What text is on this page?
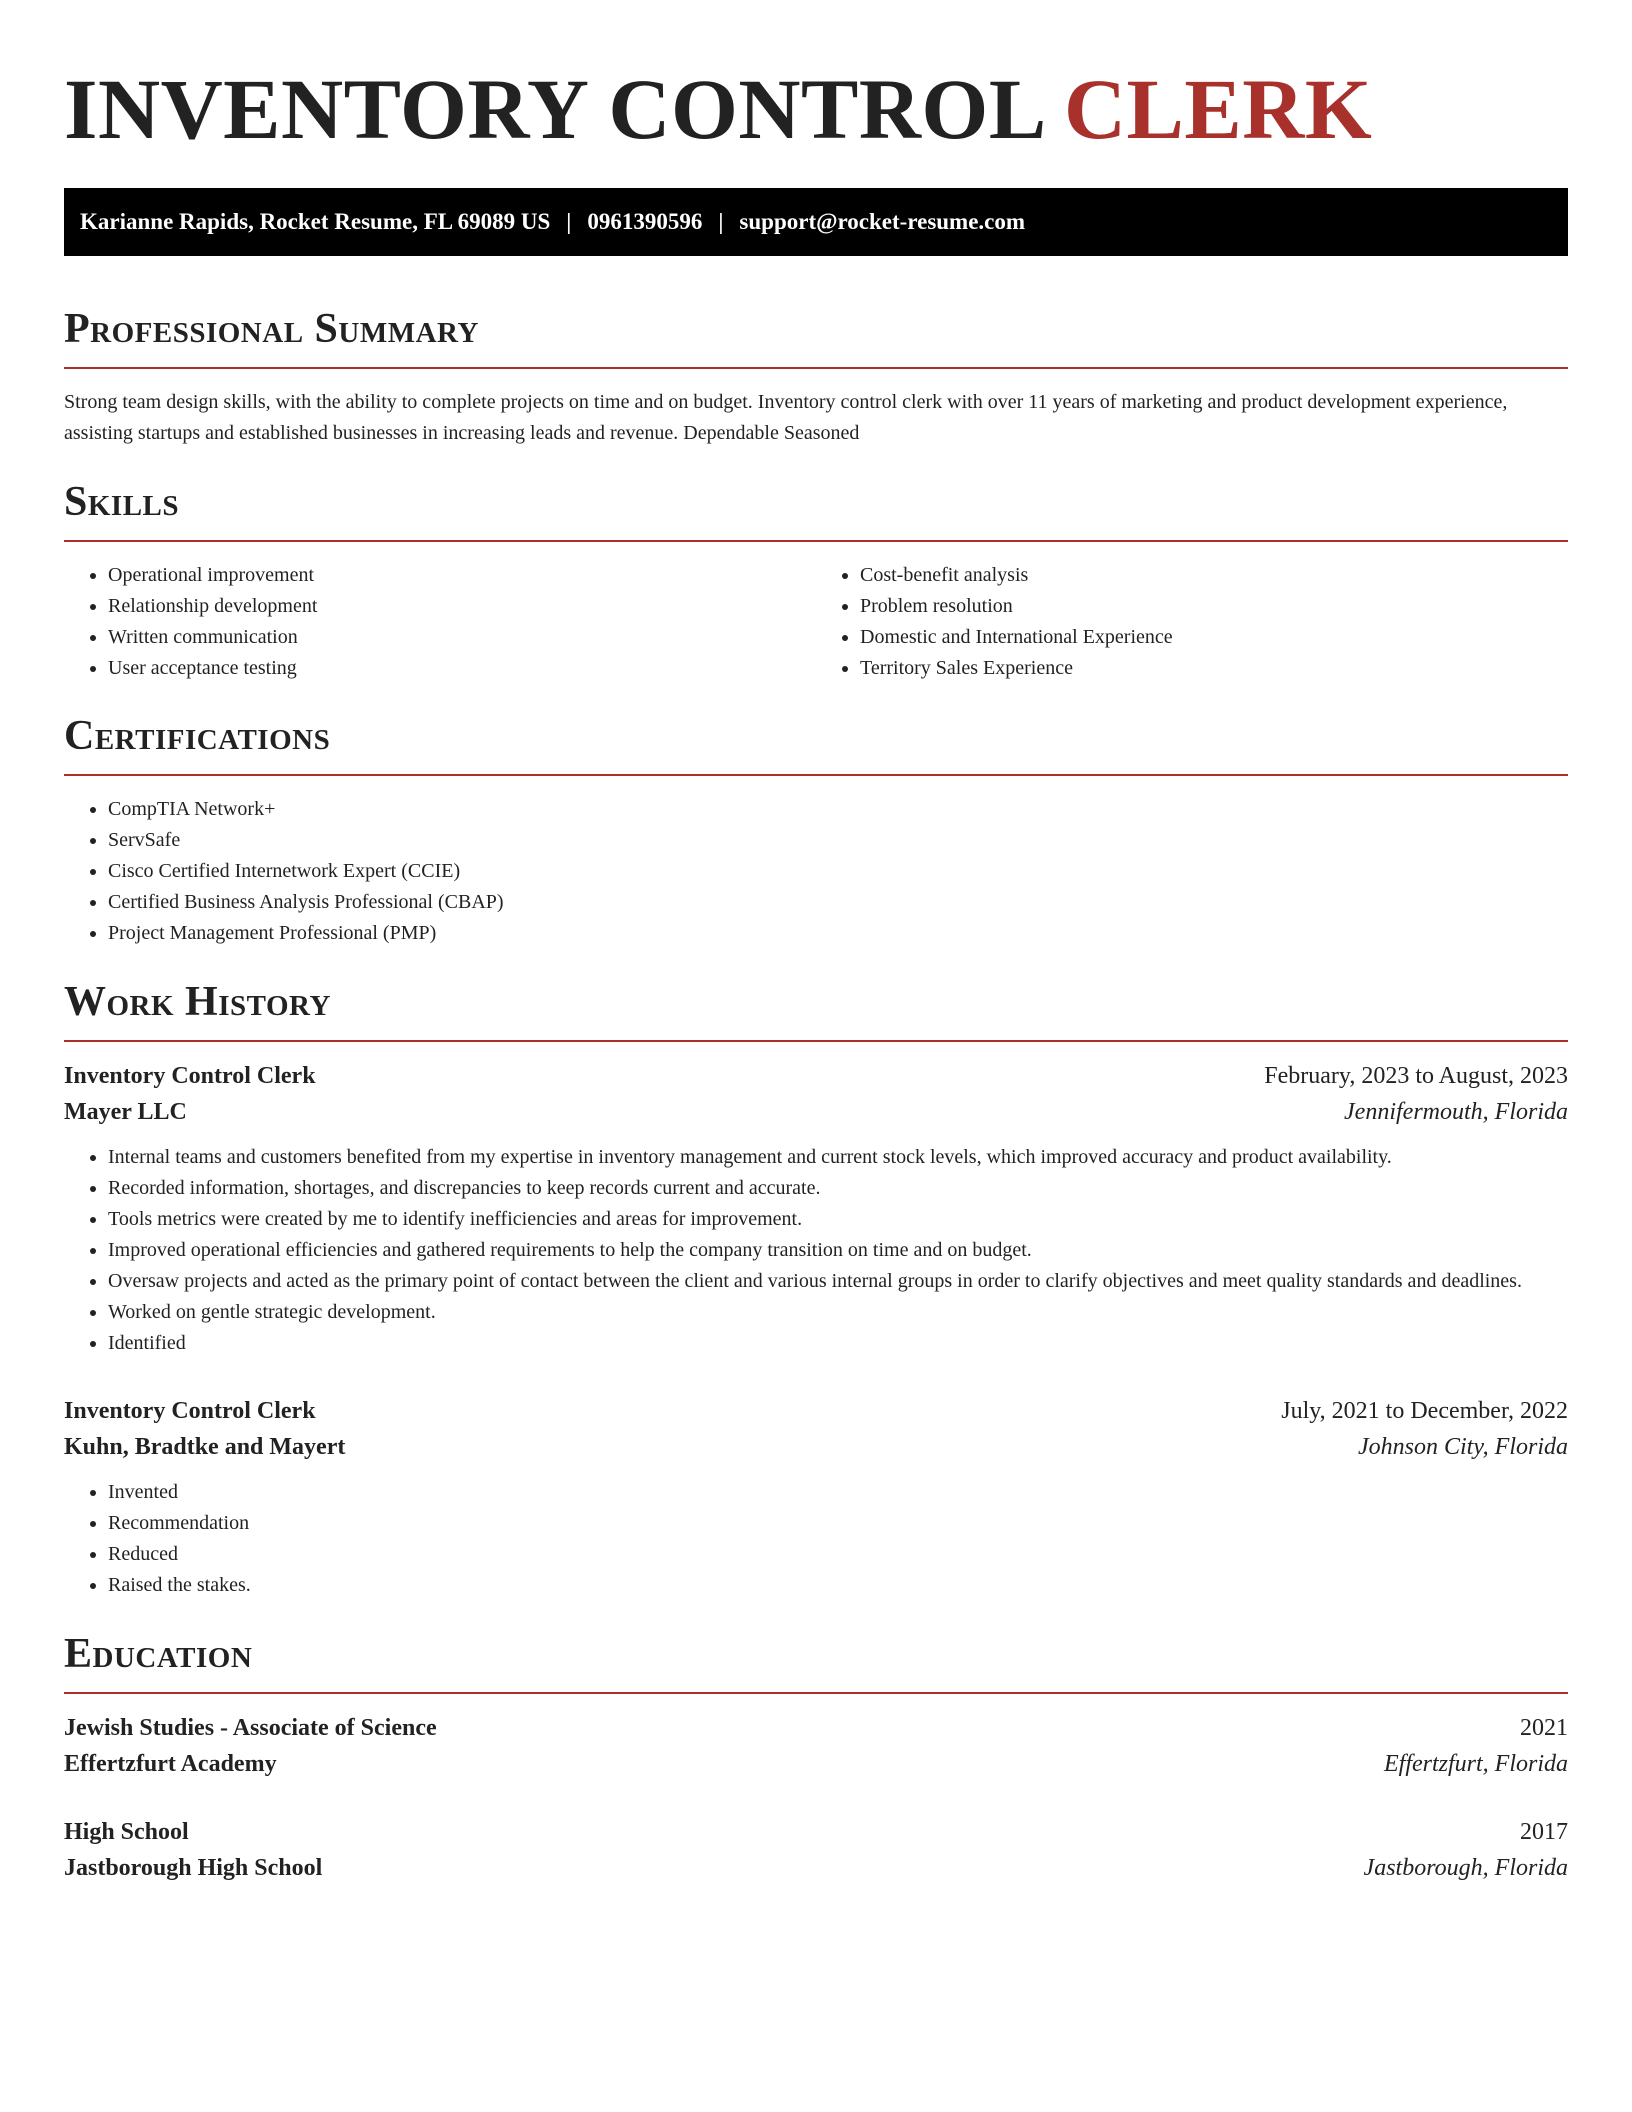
INVENTORY CONTROL CLERK
Karianne Rapids, Rocket Resume, FL 69089 US | 0961390596 | support@rocket-resume.com
Professional Summary

Strong team design skills, with the ability to complete projects on time and on budget. Inventory control clerk with over 11 years of marketing and product development experience, assisting startups and established businesses in increasing leads and revenue. Dependable Seasoned

Skills
• Operational improvement
• Relationship development
• Written communication
• User acceptance testing
• Cost-benefit analysis
• Problem resolution
• Domestic and International Experience
• Territory Sales Experience
Certifications
• CompTIA Network+
• ServSafe
• Cisco Certified Internetwork Expert (CCIE)
• Certified Business Analysis Professional (CBAP)
• Project Management Professional (PMP)
Work History
Inventory Control Clerk	February, 2023 to August, 2023
Mayer LLC	Jennifermouth, Florida
• Internal teams and customers benefited from my expertise in inventory management and current stock levels, which improved accuracy and product availability.
• Recorded information, shortages, and discrepancies to keep records current and accurate.
• Tools metrics were created by me to identify inefficiencies and areas for improvement.
• Improved operational efficiencies and gathered requirements to help the company transition on time and on budget.
• Oversaw projects and acted as the primary point of contact between the client and various internal groups in order to clarify objectives and meet quality standards and deadlines.
• Worked on gentle strategic development.
• Identified
Inventory Control Clerk	July, 2021 to December, 2022
Kuhn, Bradtke and Mayert	Johnson City, Florida
• Invented
• Recommendation
• Reduced
• Raised the stakes.
Education
Jewish Studies - Associate of Science	2021
Effertzfurt Academy	Effertzfurt, Florida
High School	2017
Jastborough High School	Jastborough, Florida
